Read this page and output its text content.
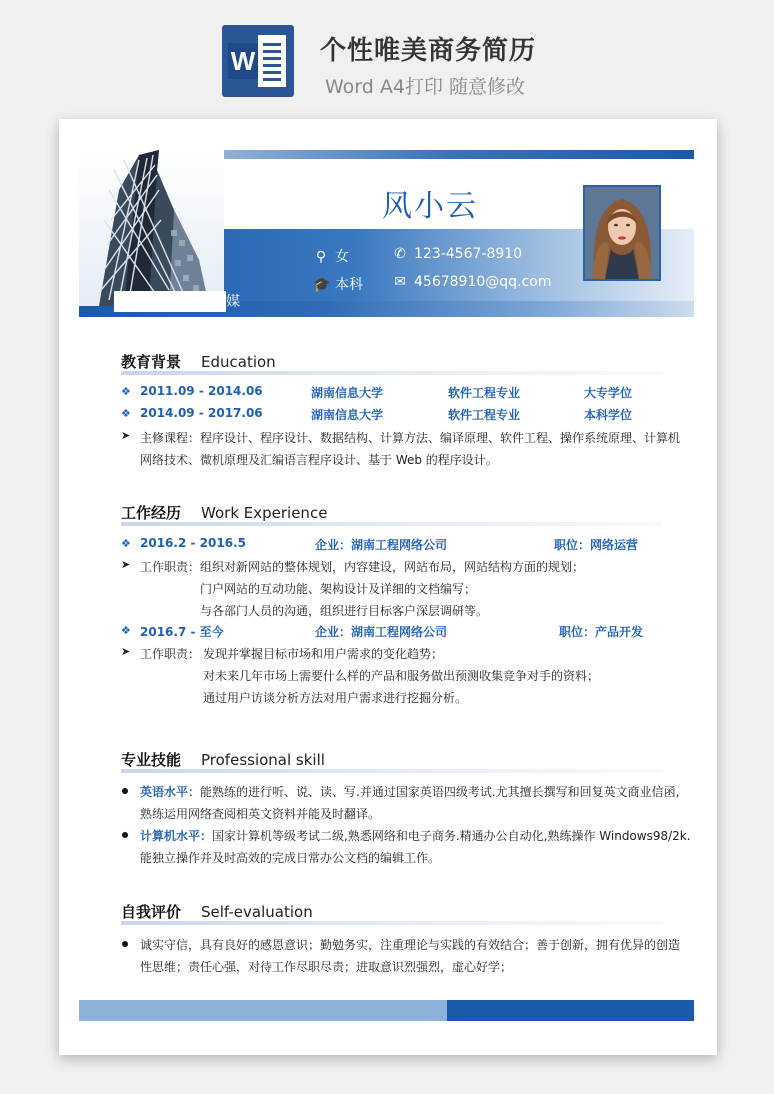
W 个性唯美商务简历
Word A4打印 随意修改
媒
风小云
⚲ 女
🎓 本科
✆ 123-4567-8910
✉ 45678910@qq.com
教育背景 Education
❖ 2011.09 - 2014.06	湖南信息大学	软件工程专业	大专学位
❖ 2014.09 - 2017.06	湖南信息大学	软件工程专业	本科学位
➤ 主修课程：程序设计、程序设计、数据结构、计算方法、编译原理、软件工程、操作系统原理、计算机
网络技术、微机原理及汇编语言程序设计、基于 Web 的程序设计。
工作经历 Work Experience
❖ 2016.2 - 2016.5	企业：湖南工程网络公司	职位：网络运营
➤ 工作职责： 组织对新网站的整体规划，内容建设，网站布局，网站结构方面的规划；
门户网站的互动功能、架构设计及详细的文档编写；
与各部门人员的沟通，组织进行目标客户深层调研等。
❖ 2016.7 - 至今	企业：湖南工程网络公司	职位：产品开发
➤ 工作职责： 发现并掌握目标市场和用户需求的变化趋势；
对未来几年市场上需要什么样的产品和服务做出预测收集竞争对手的资料；
通过用户访谈分析方法对用户需求进行挖掘分析。
专业技能 Professional skill
英语水平：能熟练的进行听、说、读、写.并通过国家英语四级考试.尤其擅长撰写和回复英文商业信函,
熟练运用网络查阅相英文资料并能及时翻译。
计算机水平：国家计算机等级考试二级,熟悉网络和电子商务.精通办公自动化,熟练操作 Windows98/2k.
能独立操作并及时高效的完成日常办公文档的编辑工作。
自我评价 Self-evaluation
诚实守信，具有良好的感恩意识；勤勉务实，注重理论与实践的有效结合；善于创新，拥有优异的创造
性思维；责任心强，对待工作尽职尽责；进取意识烈强烈，虚心好学；
